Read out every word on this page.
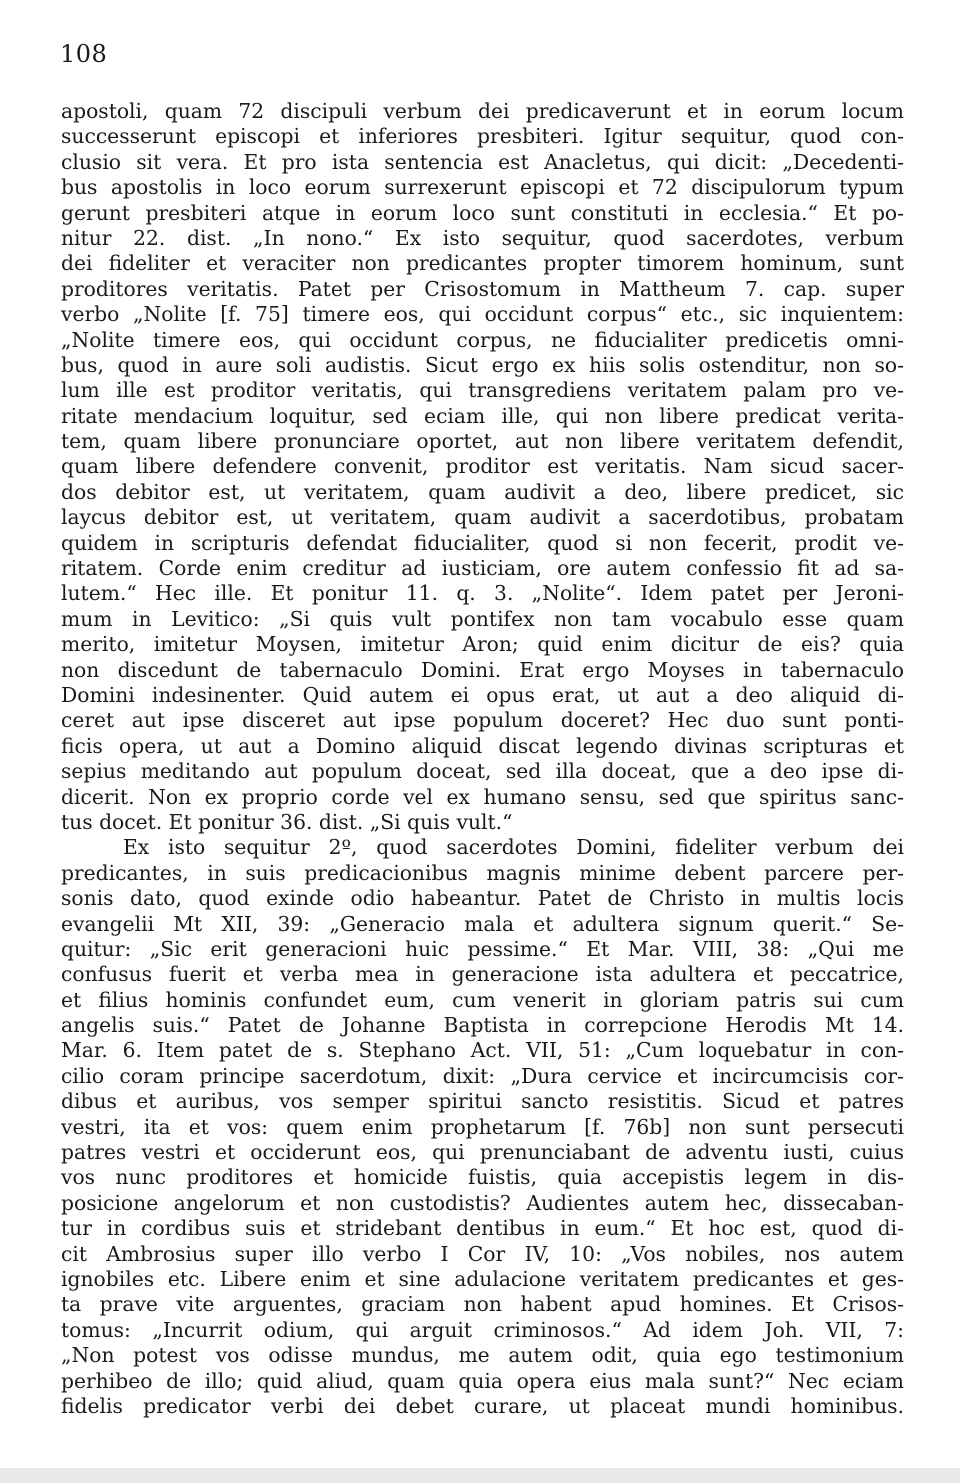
108
apostoli, quam 72 discipuli verbum dei predicaverunt et in eorum locum
successerunt episcopi et inferiores presbiteri. Igitur sequitur, quod con-
clusio sit vera. Et pro ista sentencia est Anacletus, qui dicit: „Decedenti-
bus apostolis in loco eorum surrexerunt episcopi et 72 discipulorum typum
gerunt presbiteri atque in eorum loco sunt constituti in ecclesia.“ Et po-
nitur 22. dist. „In nono.“ Ex isto sequitur, quod sacerdotes, verbum
dei fideliter et veraciter non predicantes propter timorem hominum, sunt
proditores veritatis. Patet per Crisostomum in Mattheum 7. cap. super
verbo „Nolite [f. 75] timere eos, qui occidunt corpus“ etc., sic inquientem:
„Nolite timere eos, qui occidunt corpus, ne fiducialiter predicetis omni-
bus, quod in aure soli audistis. Sicut ergo ex hiis solis ostenditur, non so-
lum ille est proditor veritatis, qui transgrediens veritatem palam pro ve-
ritate mendacium loquitur, sed eciam ille, qui non libere predicat verita-
tem, quam libere pronunciare oportet, aut non libere veritatem defendit,
quam libere defendere convenit, proditor est veritatis. Nam sicud sacer-
dos debitor est, ut veritatem, quam audivit a deo, libere predicet, sic
laycus debitor est, ut veritatem, quam audivit a sacerdotibus, probatam
quidem in scripturis defendat fiducialiter, quod si non fecerit, prodit ve-
ritatem. Corde enim creditur ad iusticiam, ore autem confessio fit ad sa-
lutem.“ Hec ille. Et ponitur 11. q. 3. „Nolite“. Idem patet per Jeroni-
mum in Levitico: „Si quis vult pontifex non tam vocabulo esse quam
merito, imitetur Moysen, imitetur Aron; quid enim dicitur de eis? quia
non discedunt de tabernaculo Domini. Erat ergo Moyses in tabernaculo
Domini indesinenter. Quid autem ei opus erat, ut aut a deo aliquid di-
ceret aut ipse disceret aut ipse populum doceret? Hec duo sunt ponti-
ficis opera, ut aut a Domino aliquid discat legendo divinas scripturas et
sepius meditando aut populum doceat, sed illa doceat, que a deo ipse di-
dicerit. Non ex proprio corde vel ex humano sensu, sed que spiritus sanc-
tus docet. Et ponitur 36. dist. „Si quis vult.“
Ex isto sequitur 2º, quod sacerdotes Domini, fideliter verbum dei
predicantes, in suis predicacionibus magnis minime debent parcere per-
sonis dato, quod exinde odio habeantur. Patet de Christo in multis locis
evangelii Mt XII, 39: „Generacio mala et adultera signum querit.“ Se-
quitur: „Sic erit generacioni huic pessime.“ Et Mar. VIII, 38: „Qui me
confusus fuerit et verba mea in generacione ista adultera et peccatrice,
et filius hominis confundet eum, cum venerit in gloriam patris sui cum
angelis suis.“ Patet de Johanne Baptista in correpcione Herodis Mt 14.
Mar. 6. Item patet de s. Stephano Act. VII, 51: „Cum loquebatur in con-
cilio coram principe sacerdotum, dixit: „Dura cervice et incircumcisis cor-
dibus et auribus, vos semper spiritui sancto resistitis. Sicud et patres
vestri, ita et vos: quem enim prophetarum [f. 76b] non sunt persecuti
patres vestri et occiderunt eos, qui prenunciabant de adventu iusti, cuius
vos nunc proditores et homicide fuistis, quia accepistis legem in dis-
posicione angelorum et non custodistis? Audientes autem hec, dissecaban-
tur in cordibus suis et stridebant dentibus in eum.“ Et hoc est, quod di-
cit Ambrosius super illo verbo I Cor IV, 10: „Vos nobiles, nos autem
ignobiles etc. Libere enim et sine adulacione veritatem predicantes et ges-
ta prave vite arguentes, graciam non habent apud homines. Et Crisos-
tomus: „Incurrit odium, qui arguit criminosos.“ Ad idem Joh. VII, 7:
„Non potest vos odisse mundus, me autem odit, quia ego testimonium
perhibeo de illo; quid aliud, quam quia opera eius mala sunt?“ Nec eciam
fidelis predicator verbi dei debet curare, ut placeat mundi hominibus.
